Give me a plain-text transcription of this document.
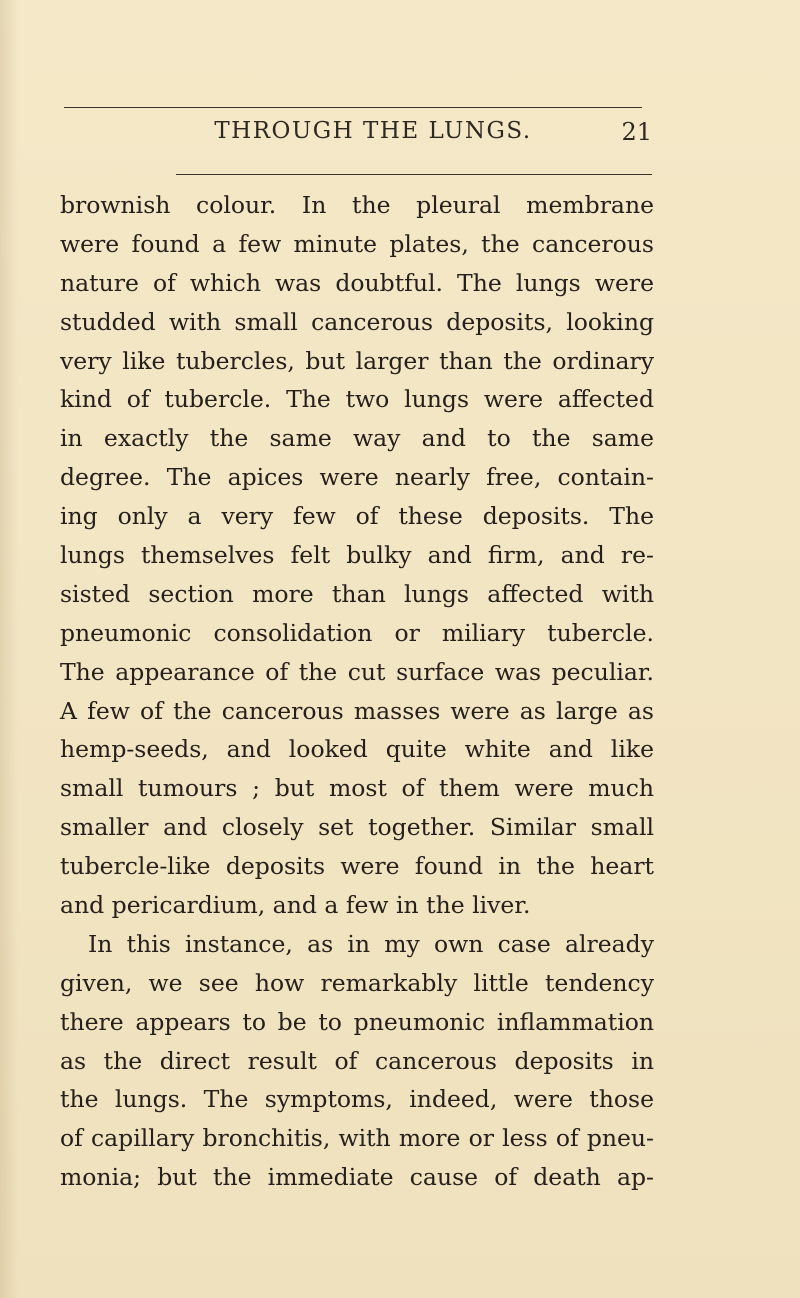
THROUGH THE LUNGS.	21
brownish colour. In the pleural membrane
were found a few minute plates, the cancerous
nature of which was doubtful. The lungs were
studded with small cancerous deposits, looking
very like tubercles, but larger than the ordinary
kind of tubercle. The two lungs were affected
in exactly the same way and to the same
degree. The apices were nearly free, contain-
ing only a very few of these deposits. The
lungs themselves felt bulky and firm, and re-
sisted section more than lungs affected with
pneumonic consolidation or miliary tubercle.
The appearance of the cut surface was peculiar.
A few of the cancerous masses were as large as
hemp-seeds, and looked quite white and like
small tumours ; but most of them were much
smaller and closely set together. Similar small
tubercle-like deposits were found in the heart
and pericardium, and a few in the liver.
In this instance, as in my own case already
given, we see how remarkably little tendency
there appears to be to pneumonic inflammation
as the direct result of cancerous deposits in
the lungs. The symptoms, indeed, were those
of capillary bronchitis, with more or less of pneu-
monia; but the immediate cause of death ap-
